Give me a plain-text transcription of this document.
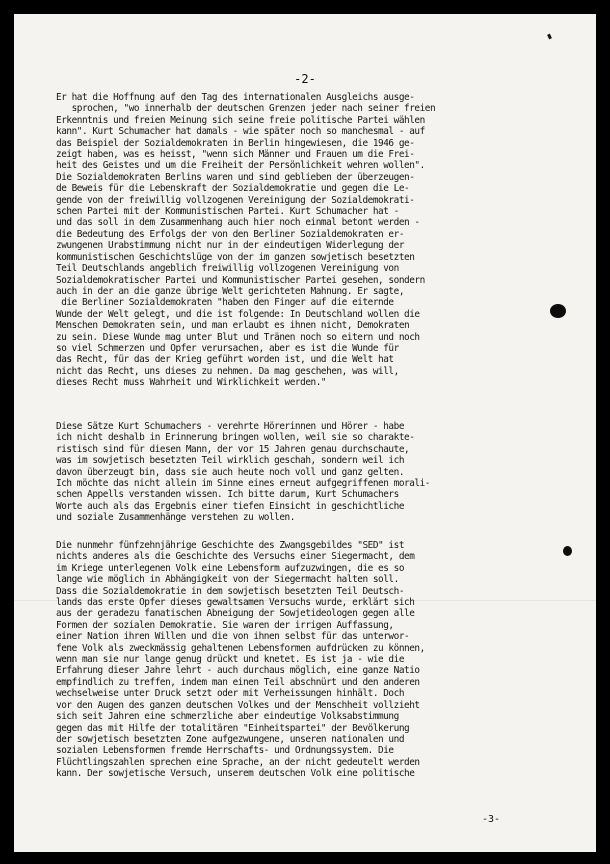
-2-
Er hat die Hoffnung auf den Tag des internationalen Ausgleichs ausge-
sprochen, "wo innerhalb der deutschen Grenzen jeder nach seiner freien
Erkenntnis und freien Meinung sich seine freie politische Partei wählen
kann". Kurt Schumacher hat damals - wie später noch so manchesmal - auf
das Beispiel der Sozialdemokraten in Berlin hingewiesen, die 1946 ge-
zeigt haben, was es heisst, "wenn sich Männer und Frauen um die Frei-
heit des Geistes und um die Freiheit der Persönlichkeit wehren wollen".
Die Sozialdemokraten Berlins waren und sind geblieben der überzeugen-
de Beweis für die Lebenskraft der Sozialdemokratie und gegen die Le-
gende von der freiwillig vollzogenen Vereinigung der Sozialdemokrati-
schen Partei mit der Kommunistischen Partei. Kurt Schumacher hat -
und das soll in dem Zusammenhang auch hier noch einmal betont werden -
die Bedeutung des Erfolgs der von den Berliner Sozialdemokraten er-
zwungenen Urabstimmung nicht nur in der eindeutigen Widerlegung der
kommunistischen Geschichtslüge von der im ganzen sowjetisch besetzten
Teil Deutschlands angeblich freiwillig vollzogenen Vereinigung von
Sozialdemokratischer Partei und Kommunistischer Partei gesehen, sondern
auch in der an die ganze übrige Welt gerichteten Mahnung. Er sagte,
die Berliner Sozialdemokraten "haben den Finger auf die eiternde
Wunde der Welt gelegt, und die ist folgende: In Deutschland wollen die
Menschen Demokraten sein, und man erlaubt es ihnen nicht, Demokraten
zu sein. Diese Wunde mag unter Blut und Tränen noch so eitern und noch
so viel Schmerzen und Opfer verursachen, aber es ist die Wunde für
das Recht, für das der Krieg geführt worden ist, und die Welt hat
nicht das Recht, uns dieses zu nehmen. Da mag geschehen, was will,
dieses Recht muss Wahrheit und Wirklichkeit werden."
Diese Sätze Kurt Schumachers - verehrte Hörerinnen und Hörer - habe
ich nicht deshalb in Erinnerung bringen wollen, weil sie so charakte-
ristisch sind für diesen Mann, der vor 15 Jahren genau durchschaute,
was im sowjetisch besetzten Teil wirklich geschah, sondern weil ich
davon überzeugt bin, dass sie auch heute noch voll und ganz gelten.
Ich möchte das nicht allein im Sinne eines erneut aufgegriffenen morali-
schen Appells verstanden wissen. Ich bitte darum, Kurt Schumachers
Worte auch als das Ergebnis einer tiefen Einsicht in geschichtliche
und soziale Zusammenhänge verstehen zu wollen.
Die nunmehr fünfzehnjährige Geschichte des Zwangsgebildes "SED" ist
nichts anderes als die Geschichte des Versuchs einer Siegermacht, dem
im Kriege unterlegenen Volk eine Lebensform aufzuzwingen, die es so
lange wie möglich in Abhängigkeit von der Siegermacht halten soll.
Dass die Sozialdemokratie in dem sowjetisch besetzten Teil Deutsch-
lands das erste Opfer dieses gewaltsamen Versuchs wurde, erklärt sich
aus der geradezu fanatischen Abneigung der Sowjetideologen gegen alle
Formen der sozialen Demokratie. Sie waren der irrigen Auffassung,
einer Nation ihren Willen und die von ihnen selbst für das unterwor-
fene Volk als zweckmässig gehaltenen Lebensformen aufdrücken zu können,
wenn man sie nur lange genug drückt und knetet. Es ist ja - wie die
Erfahrung dieser Jahre lehrt - auch durchaus möglich, eine ganze Natio
empfindlich zu treffen, indem man einen Teil abschnürt und den anderen
wechselweise unter Druck setzt oder mit Verheissungen hinhält. Doch
vor den Augen des ganzen deutschen Volkes und der Menschheit vollzieht
sich seit Jahren eine schmerzliche aber eindeutige Volksabstimmung
gegen das mit Hilfe der totalitären "Einheitspartei" der Bevölkerung
der sowjetisch besetzten Zone aufgezwungene, unseren nationalen und
sozialen Lebensformen fremde Herrschafts- und Ordnungssystem. Die
Flüchtlingszahlen sprechen eine Sprache, an der nicht gedeutelt werden
kann. Der sowjetische Versuch, unserem deutschen Volk eine politische
-3-
